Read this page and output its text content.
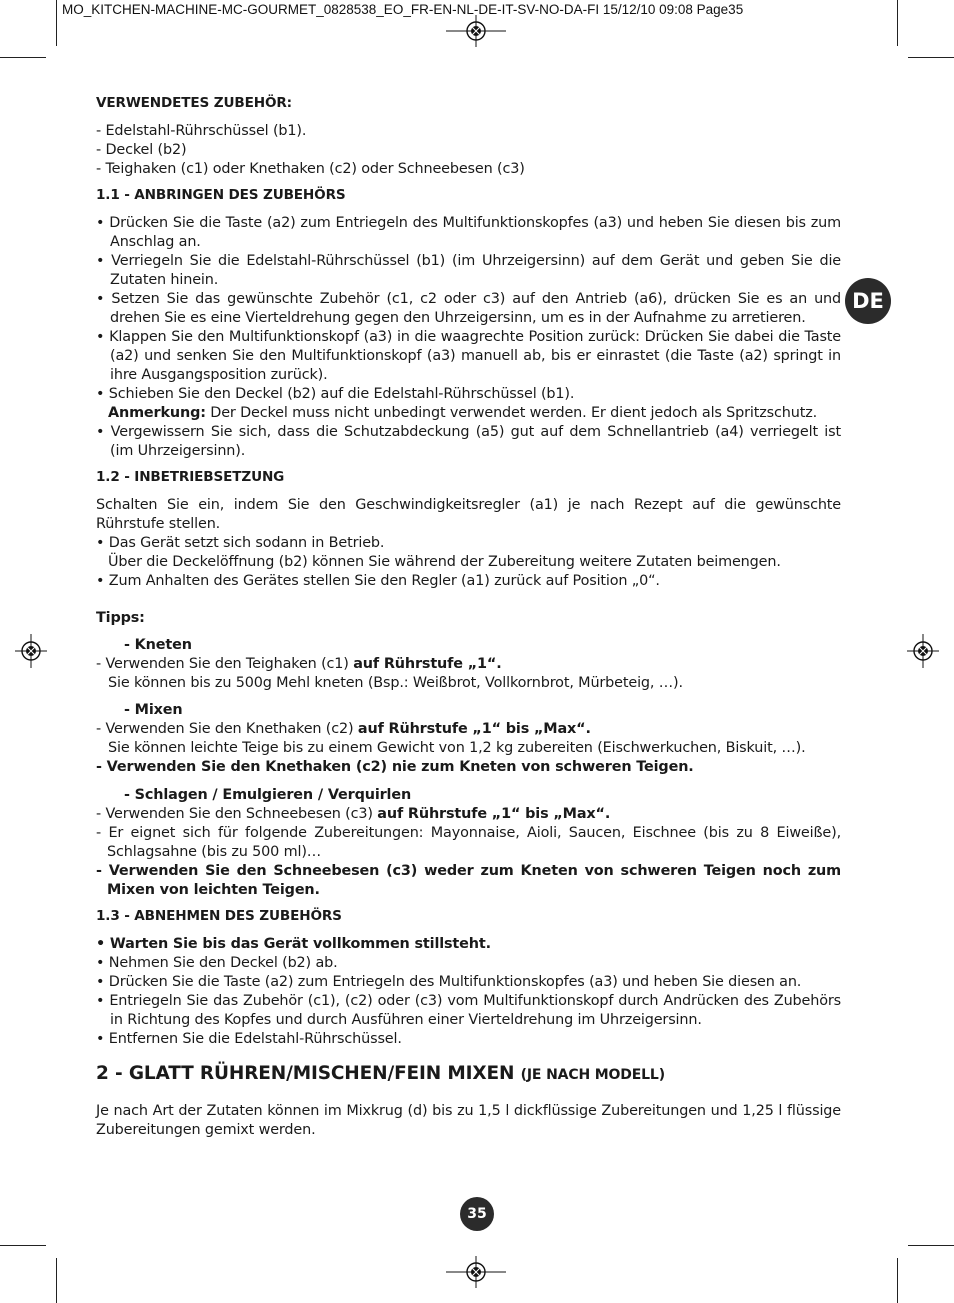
MO_KITCHEN-MACHINE-MC-GOURMET_0828538_EO_FR-EN-NL-DE-IT-SV-NO-DA-FI 15/12/10 09:08 Page35
DE

VERWENDETES ZUBEHÖR:

- Edelstahl-Rührschüssel (b1).

- Deckel (b2)

- Teighaken (c1) oder Knethaken (c2) oder Schneebesen (c3)

1.1 - ANBRINGEN DES ZUBEHÖRS

• Drücken Sie die Taste (a2) zum Entriegeln des Multifunktionskopfes (a3) und heben Sie diesen bis zum Anschlag an.

• Verriegeln Sie die Edelstahl-Rührschüssel (b1) (im Uhrzeigersinn) auf dem Gerät und geben Sie die Zutaten hinein.

• Setzen Sie das gewünschte Zubehör (c1, c2 oder c3) auf den Antrieb (a6), drücken Sie es an und drehen Sie es eine Vierteldrehung gegen den Uhrzeigersinn, um es in der Aufnahme zu arretieren.

• Klappen Sie den Multifunktionskopf (a3) in die waagrechte Position zurück: Drücken Sie dabei die Taste (a2) und senken Sie den Multifunktionskopf (a3) manuell ab, bis er einrastet (die Taste (a2) springt in ihre Ausgangsposition zurück).

• Schieben Sie den Deckel (b2) auf die Edelstahl-Rührschüssel (b1).

Anmerkung: Der Deckel muss nicht unbedingt verwendet werden. Er dient jedoch als Spritzschutz.

• Vergewissern Sie sich, dass die Schutzabdeckung (a5) gut auf dem Schnellantrieb (a4) verriegelt ist (im Uhrzeigersinn).

1.2 - INBETRIEBSETZUNG

Schalten Sie ein, indem Sie den Geschwindigkeitsregler (a1) je nach Rezept auf die gewünschte Rührstufe stellen.

• Das Gerät setzt sich sodann in Betrieb.

Über die Deckelöffnung (b2) können Sie während der Zubereitung weitere Zutaten beimengen.

• Zum Anhalten des Gerätes stellen Sie den Regler (a1) zurück auf Position „0“.

Tipps:

- Kneten

- Verwenden Sie den Teighaken (c1) auf Rührstufe „1“.

Sie können bis zu 500g Mehl kneten (Bsp.: Weißbrot, Vollkornbrot, Mürbeteig, …).

- Mixen

- Verwenden Sie den Knethaken (c2) auf Rührstufe „1“ bis „Max“.

Sie können leichte Teige bis zu einem Gewicht von 1,2 kg zubereiten (Eischwerkuchen, Biskuit, …).

- Verwenden Sie den Knethaken (c2) nie zum Kneten von schweren Teigen.

- Schlagen / Emulgieren / Verquirlen

- Verwenden Sie den Schneebesen (c3) auf Rührstufe „1“ bis „Max“.

- Er eignet sich für folgende Zubereitungen: Mayonnaise, Aioli, Saucen, Eischnee (bis zu 8 Eiweiße), Schlagsahne (bis zu 500 ml)…

- Verwenden Sie den Schneebesen (c3) weder zum Kneten von schweren Teigen noch zum Mixen von leichten Teigen.

1.3 - ABNEHMEN DES ZUBEHÖRS

• Warten Sie bis das Gerät vollkommen stillsteht.

• Nehmen Sie den Deckel (b2) ab.

• Drücken Sie die Taste (a2) zum Entriegeln des Multifunktionskopfes (a3) und heben Sie diesen an.

• Entriegeln Sie das Zubehör (c1), (c2) oder (c3) vom Multifunktionskopf durch Andrücken des Zubehörs in Richtung des Kopfes und durch Ausführen einer Vierteldrehung im Uhrzeigersinn.

• Entfernen Sie die Edelstahl-Rührschüssel.

2 - GLATT RÜHREN/MISCHEN/FEIN MIXEN (JE NACH MODELL)

Je nach Art der Zutaten können im Mixkrug (d) bis zu 1,5 l dickflüssige Zubereitungen und 1,25 l flüssige Zubereitungen gemixt werden.

35
